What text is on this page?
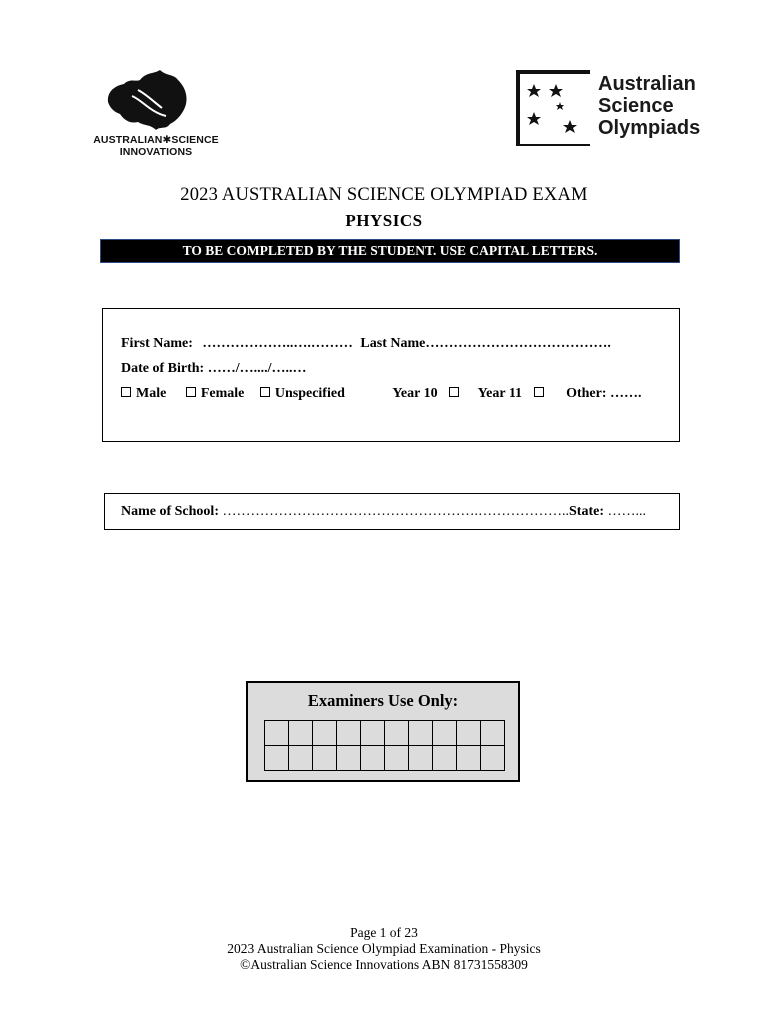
AUSTRALIAN✱SCIENCE
INNOVATIONS
Australian
Science
Olympiads
2023 AUSTRALIAN SCIENCE OLYMPIAD EXAM
PHYSICS
TO BE COMPLETED BY THE STUDENT. USE CAPITAL LETTERS.
First Name: ………………..….……… Last Name………………………………….
Date of Birth: ……/…..../…..…
Male Female Unspecified	Year 10	Year 11	Other: …….
Name of School: ……………………………………………….………………..State: ……...
Examiners Use Only:
Page 1 of 23
2023 Australian Science Olympiad Examination - Physics
©Australian Science Innovations ABN 81731558309
